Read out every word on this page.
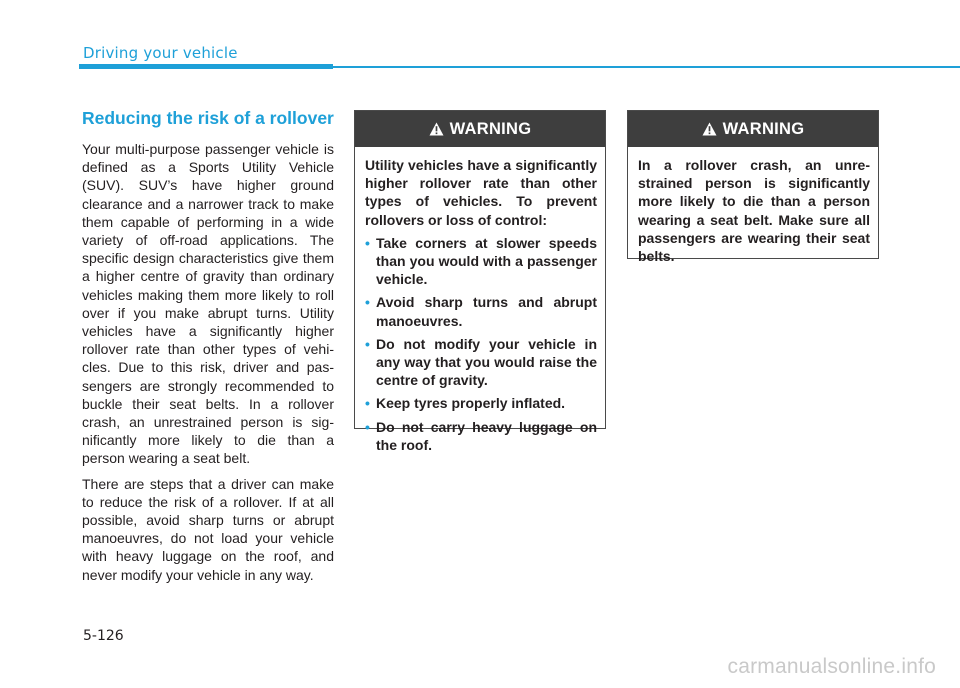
Driving your vehicle
Reducing the risk of a rollover

Your multi-purpose passenger vehicle is defined as a Sports Utility Vehicle (SUV). SUV’s have higher ground clearance and a narrower track to make them capable of performing in a wide variety of off-road applications. The specific design characteristics give them a higher centre of gravity than ordinary vehicles making them more likely to roll over if you make abrupt turns. Utility vehicles have a significantly higher rollover rate than other types of vehicles. Due to this risk, driver and passengers are strongly recommended to buckle their seat belts. In a rollover crash, an unrestrained person is significantly more likely to die than a person wearing a seat belt.

There are steps that a driver can make to reduce the risk of a rollover. If at all possible, avoid sharp turns or abrupt manoeuvres, do not load your vehicle with heavy luggage on the roof, and never modify your vehicle in any way.

WARNING

Utility vehicles have a significantly higher rollover rate than other types of vehicles. To prevent rollovers or loss of control:

• Take corners at slower speeds than you would with a passenger vehicle.
• Avoid sharp turns and abrupt manoeuvres.
• Do not modify your vehicle in any way that you would raise the centre of gravity.
• Keep tyres properly inflated.
• Do not carry heavy luggage on the roof.
WARNING

In a rollover crash, an unrestrained person is significantly more likely to die than a person wearing a seat belt. Make sure all passengers are wearing their seat belts.

5-126
carmanualsonline.info
